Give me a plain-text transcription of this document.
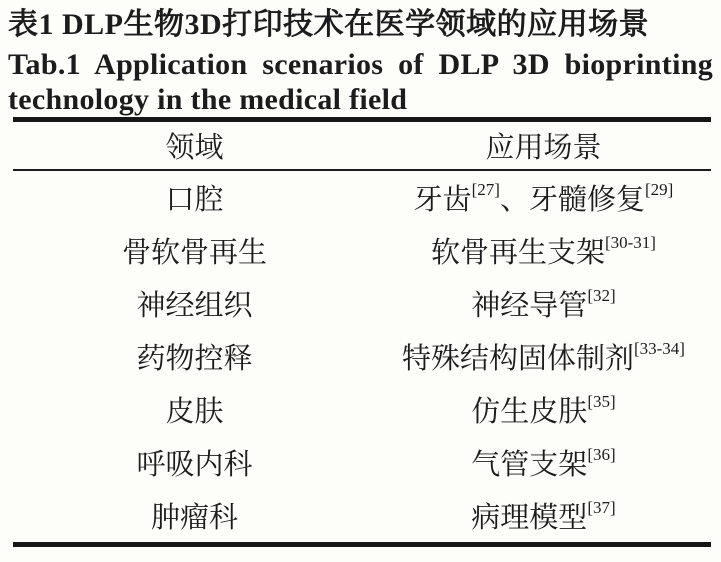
表1 DLP生物3D打印技术在医学领域的应用场景
Tab.1 Application scenarios of DLP 3D bioprinting
technology in the medical field
领域	应用场景
口腔	牙齿[27] 、牙髓修复[29]
骨软骨再生	软骨再生支架[30-31]
神经组织	神经导管[32]
药物控释	特殊结构固体制剂[33-34]
皮肤	仿生皮肤[35]
呼吸内科	气管支架[36]
肿瘤科	病理模型[37]
